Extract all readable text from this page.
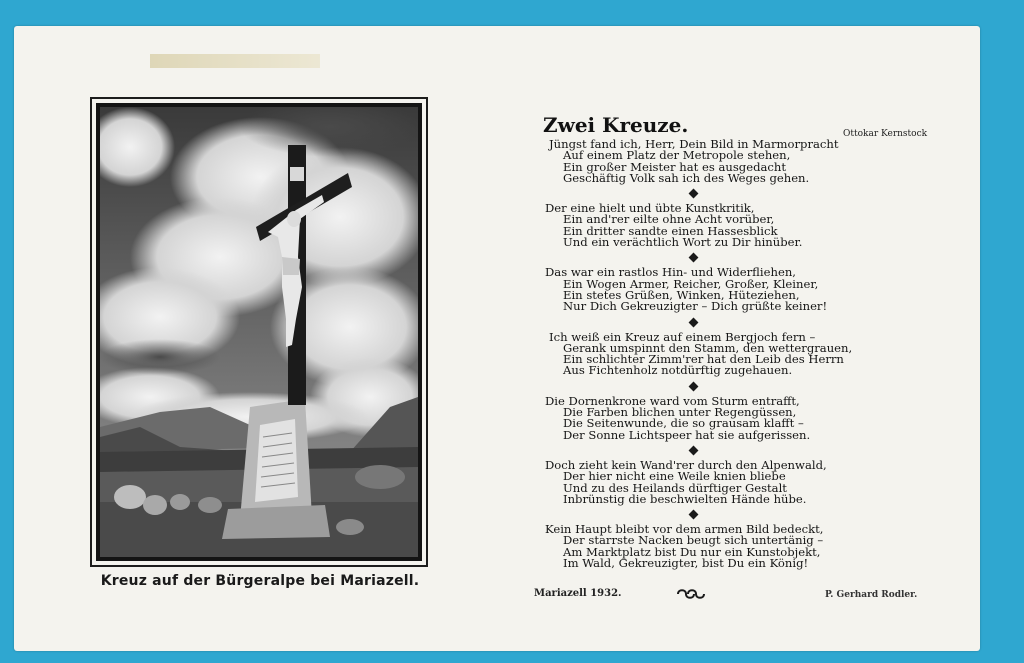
Kreuz auf der Bürgeralpe bei Mariazell.
Zwei Kreuze.	Ottokar Kernstock
Jüngst fand ich, Herr, Dein Bild in Marmorpracht
Auf einem Platz der Metropole stehen,
Ein großer Meister hat es ausgedacht
Geschäftig Volk sah ich des Weges gehen.
Der eine hielt und übte Kunstkritik,
Ein and'rer eilte ohne Acht vorüber,
Ein dritter sandte einen Hassesblick
Und ein verächtlich Wort zu Dir hinüber.
Das war ein rastlos Hin- und Widerfliehen,
Ein Wogen Armer, Reicher, Großer, Kleiner,
Ein stetes Grüßen, Winken, Hüteziehen,
Nur Dich Gekreuzigter – Dich grüßte keiner!
Ich weiß ein Kreuz auf einem Bergjoch fern –
Gerank umspinnt den Stamm, den wettergrauen,
Ein schlichter Zimm'rer hat den Leib des Herrn
Aus Fichtenholz notdürftig zugehauen.
Die Dornenkrone ward vom Sturm entrafft,
Die Farben blichen unter Regengüssen,
Die Seitenwunde, die so grausam klafft –
Der Sonne Lichtspeer hat sie aufgerissen.
Doch zieht kein Wand'rer durch den Alpenwald,
Der hier nicht eine Weile knien bliebe
Und zu des Heilands dürftiger Gestalt
Inbrünstig die beschwielten Hände hübe.
Kein Haupt bleibt vor dem armen Bild bedeckt,
Der starrste Nacken beugt sich untertänig –
Am Marktplatz bist Du nur ein Kunstobjekt,
Im Wald, Gekreuzigter, bist Du ein König!
Mariazell 1932.	P. Gerhard Rodler.
